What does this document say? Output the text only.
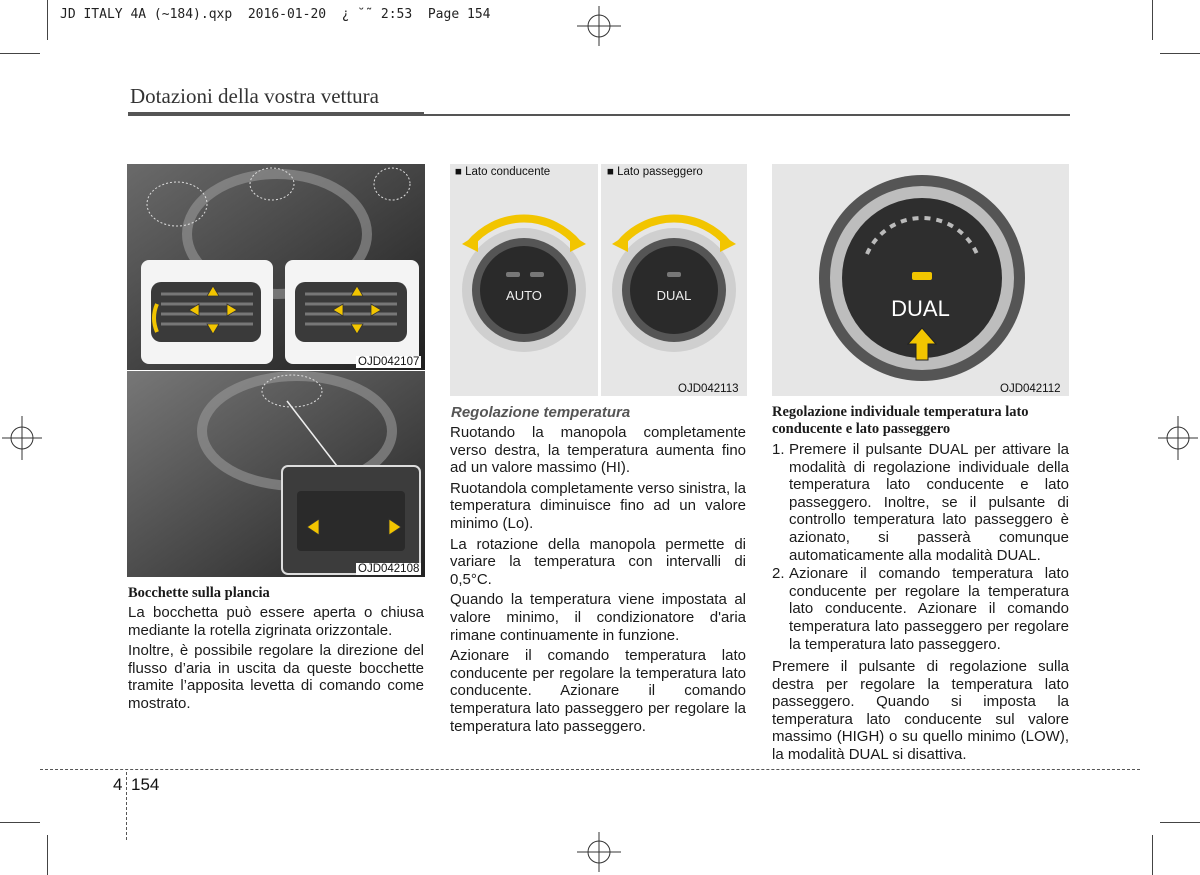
JD ITALY 4A (~184).qxp  2016-01-20  ¿ ˘˜ 2:53  Page 154
Dotazioni della vostra vettura
OJD042107
OJD042108
Bocchette sulla plancia

La bocchetta può essere aperta o chiusa mediante la rotella zigrinata orizzontale.

Inoltre, è possibile regolare la direzione del flusso d’aria in uscita da queste bocchette tramite l’apposita levetta di comando come mostrato.

■ Lato conducente
AUTO
■ Lato passeggero
DUAL
OJD042113
Regolazione temperatura

Ruotando la manopola completamente verso destra, la temperatura aumenta fino ad un valore massimo (HI).

Ruotandola completamente verso sinistra, la temperatura diminuisce fino ad un valore minimo (Lo).

La rotazione della manopola permette di variare la temperatura con intervalli di 0,5°C.

Quando la temperatura viene impostata al valore minimo, il condizionatore d'aria rimane continuamente in funzione.

Azionare il comando temperatura lato conducente per regolare la temperatura lato conducente. Azionare il comando temperatura lato passeggero per regolare la temperatura lato passeggero.

DUAL
OJD042112
Regolazione individuale temperatura lato conducente e lato passeggero
1. Premere il pulsante DUAL per attivare la modalità di regolazione individuale della temperatura lato conducente e lato passeggero. Inoltre, se il pulsante di controllo temperatura lato passeggero è azionato, si passerà comunque automaticamente alla modalità DUAL.
2. Azionare il comando temperatura lato conducente per regolare la temperatura lato conducente. Azionare il comando temperatura lato passeggero per regolare la temperatura lato passeggero.
Premere il pulsante di regolazione sulla destra per regolare la temperatura lato passeggero. Quando si imposta la temperatura lato conducente sul valore massimo (HIGH) o su quello minimo (LOW), la modalità DUAL si disattiva.
4 154
